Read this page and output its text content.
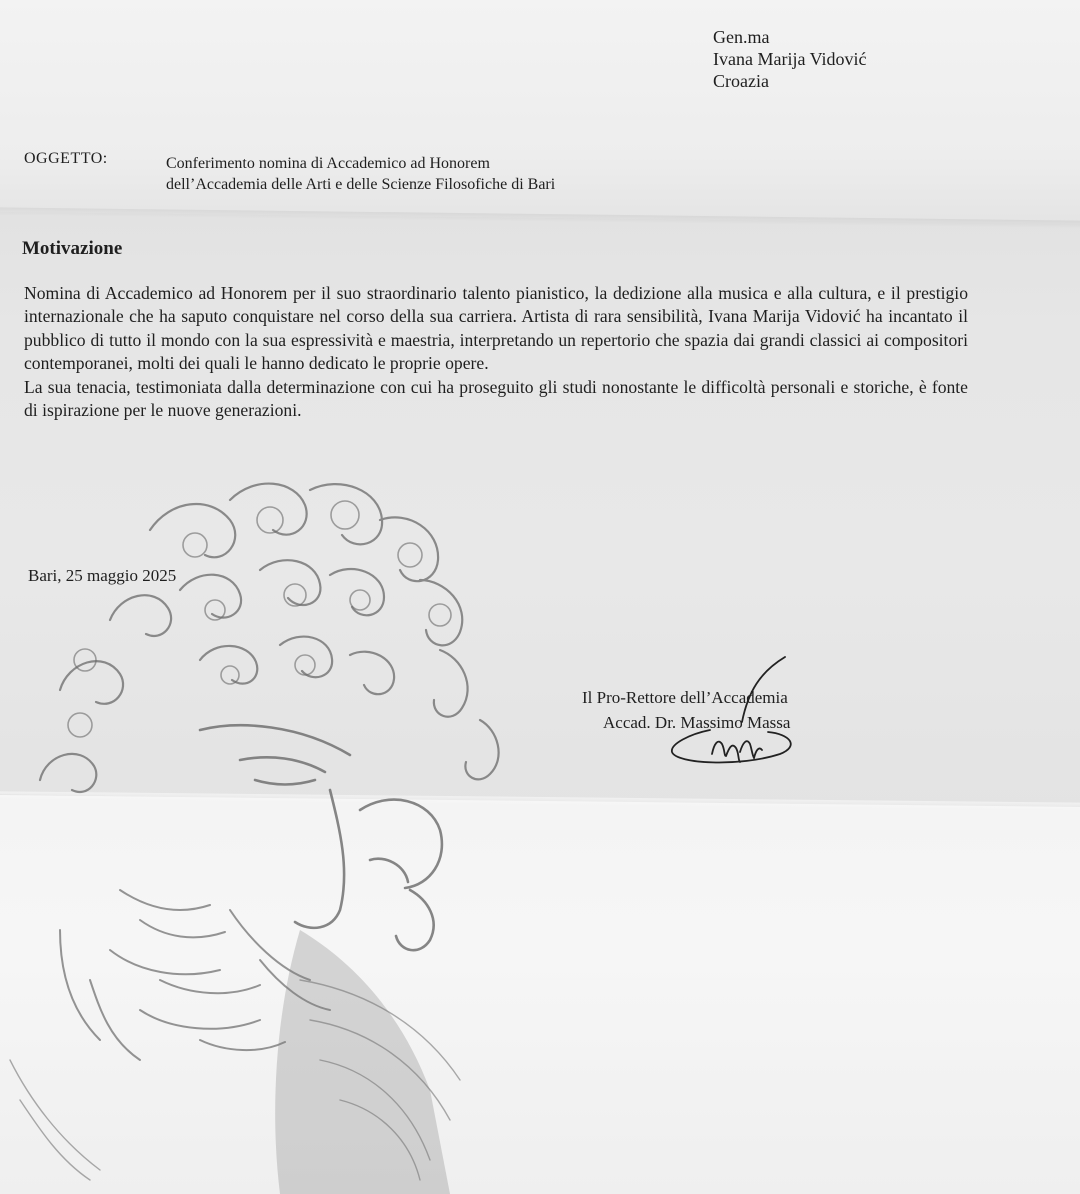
Gen.ma
Ivana Marija Vidović
Croazia
OGGETTO:	Conferimento nomina di Accademico ad Honorem
dell’Accademia delle Arti e delle Scienze Filosofiche di Bari
Motivazione

Nomina di Accademico ad Honorem per il suo straordinario talento pianistico, la dedizione alla musica e alla cultura, e il prestigio internazionale che ha saputo conquistare nel corso della sua carriera. Artista di rara sensibilità, Ivana Marija Vidović ha incantato il pubblico di tutto il mondo con la sua espressività e maestria, interpretando un repertorio che spazia dai grandi classici ai compositori contemporanei, molti dei quali le hanno dedicato le proprie opere.

La sua tenacia, testimoniata dalla determinazione con cui ha proseguito gli studi nonostante le difficoltà personali e storiche, è fonte di ispirazione per le nuove generazioni.

Bari, 25 maggio 2025
Il Pro-Rettore dell’Accademia
Accad. Dr. Massimo Massa
